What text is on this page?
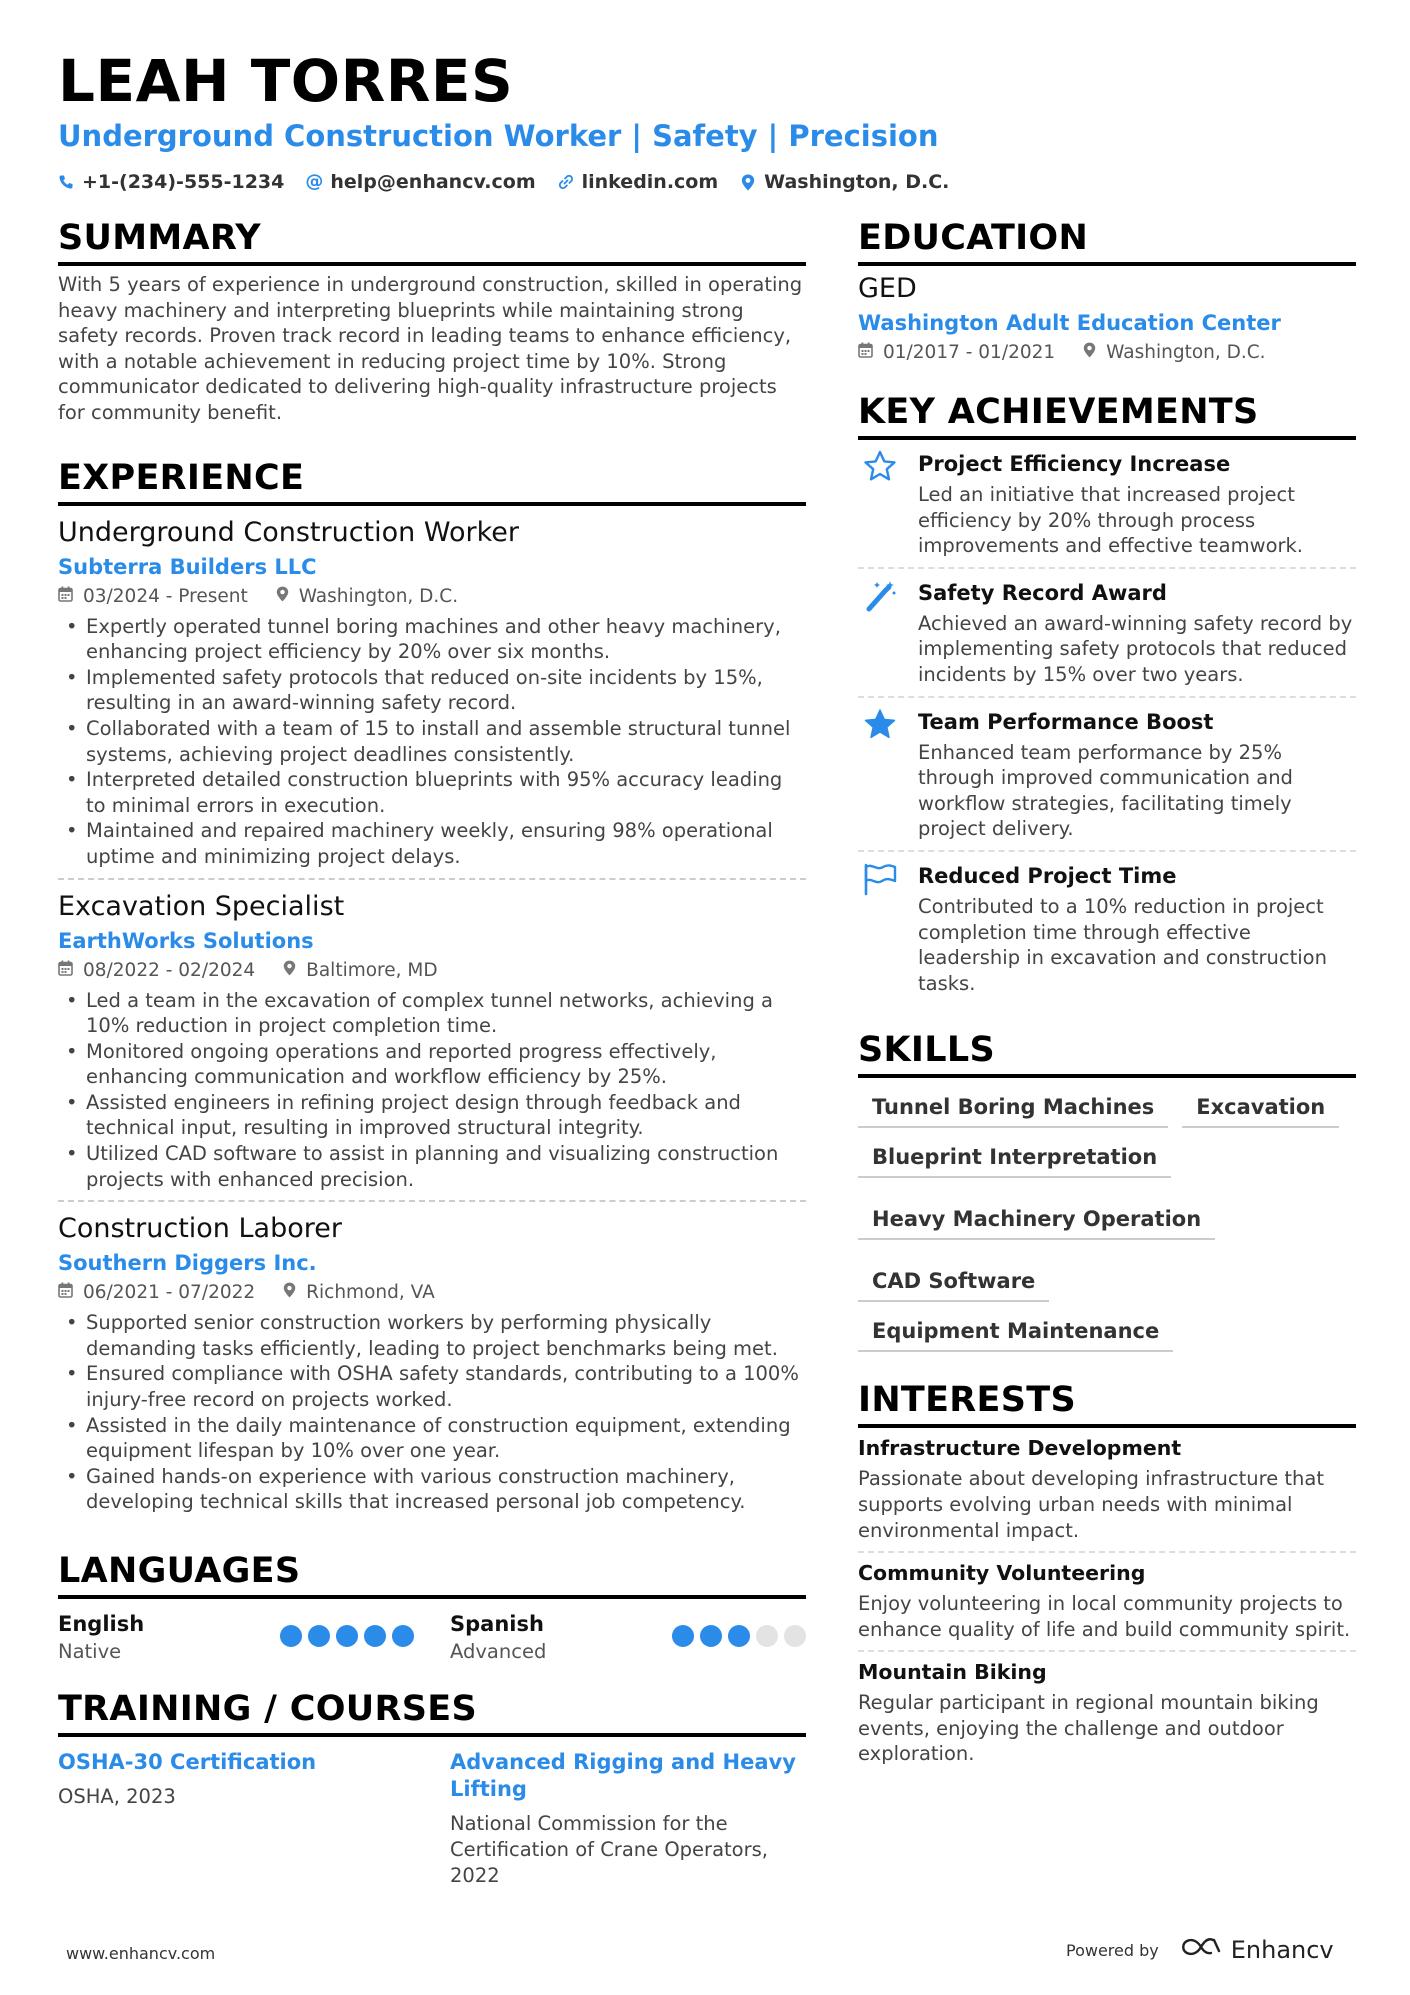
LEAH TORRES
Underground Construction Worker | Safety | Precision
+1-(234)-555-1234 @ help@enhancv.com linkedin.com Washington, D.C.
SUMMARY
With 5 years of experience in underground construction, skilled in operating heavy machinery and interpreting blueprints while maintaining strong safety records. Proven track record in leading teams to enhance efficiency, with a notable achievement in reducing project time by 10%. Strong communicator dedicated to delivering high-quality infrastructure projects for community benefit.
EXPERIENCE
Underground Construction Worker
Subterra Builders LLC
03/2024 - Present	Washington, D.C.
• Expertly operated tunnel boring machines and other heavy machinery, enhancing project efficiency by 20% over six months.
• Implemented safety protocols that reduced on-site incidents by 15%, resulting in an award-winning safety record.
• Collaborated with a team of 15 to install and assemble structural tunnel systems, achieving project deadlines consistently.
• Interpreted detailed construction blueprints with 95% accuracy leading to minimal errors in execution.
• Maintained and repaired machinery weekly, ensuring 98% operational uptime and minimizing project delays.
Excavation Specialist
EarthWorks Solutions
08/2022 - 02/2024	Baltimore, MD
• Led a team in the excavation of complex tunnel networks, achieving a 10% reduction in project completion time.
• Monitored ongoing operations and reported progress effectively, enhancing communication and workflow efficiency by 25%.
• Assisted engineers in refining project design through feedback and technical input, resulting in improved structural integrity.
• Utilized CAD software to assist in planning and visualizing construction projects with enhanced precision.
Construction Laborer
Southern Diggers Inc.
06/2021 - 07/2022	Richmond, VA
• Supported senior construction workers by performing physically demanding tasks efficiently, leading to project benchmarks being met.
• Ensured compliance with OSHA safety standards, contributing to a 100% injury-free record on projects worked.
• Assisted in the daily maintenance of construction equipment, extending equipment lifespan by 10% over one year.
• Gained hands-on experience with various construction machinery, developing technical skills that increased personal job competency.
LANGUAGES
English
Native
Spanish
Advanced
TRAINING / COURSES
OSHA-30 Certification
OSHA, 2023
Advanced Rigging and Heavy Lifting
National Commission for the Certification of Crane Operators, 2022
EDUCATION
GED
Washington Adult Education Center
01/2017 - 01/2021	Washington, D.C.
KEY ACHIEVEMENTS
Project Efficiency Increase
Led an initiative that increased project efficiency by 20% through process improvements and effective teamwork.
Safety Record Award
Achieved an award-winning safety record by implementing safety protocols that reduced incidents by 15% over two years.
Team Performance Boost
Enhanced team performance by 25% through improved communication and workflow strategies, facilitating timely project delivery.
Reduced Project Time
Contributed to a 10% reduction in project completion time through effective leadership in excavation and construction tasks.
SKILLS
Tunnel Boring Machines	Excavation
Blueprint Interpretation
Heavy Machinery Operation
CAD Software
Equipment Maintenance
INTERESTS
Infrastructure Development
Passionate about developing infrastructure that supports evolving urban needs with minimal environmental impact.
Community Volunteering
Enjoy volunteering in local community projects to enhance quality of life and build community spirit.
Mountain Biking
Regular participant in regional mountain biking events, enjoying the challenge and outdoor exploration.
www.enhancv.com	Powered by	Enhancv
